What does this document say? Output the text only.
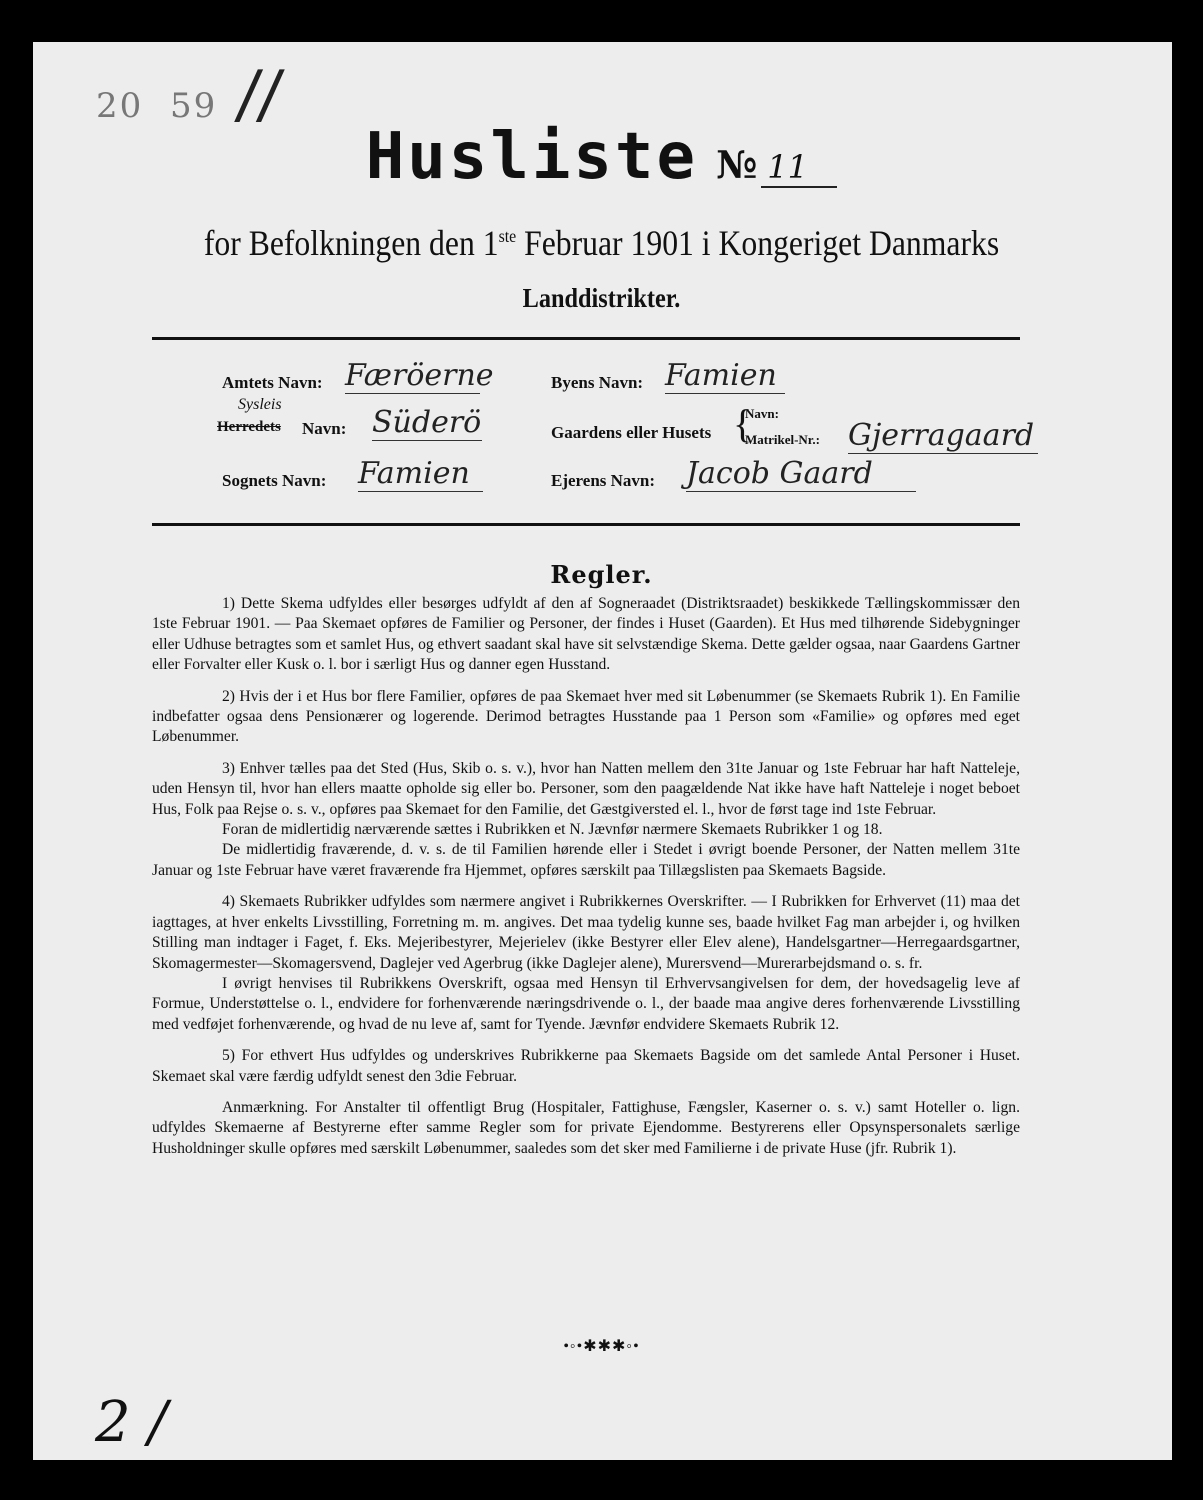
20 59 //
Husliste № 11
for Befolkningen den 1ste Februar 1901 i Kongeriget Danmarks
Landdistrikter.
Amtets Navn: Færöerne
Sysleis
Herredets Navn: Süderö
Sognets Navn: Famien
Byens Navn: Famien
Gaardens eller Husets {
Navn:
Matrikel-Nr.: Gjerragaard
Ejerens Navn: Jacob Gaard
Regler.

1) Dette Skema udfyldes eller besørges udfyldt af den af Sogneraadet (Distriktsraadet) beskikkede Tællingskommissær den 1ste Februar 1901. — Paa Skemaet opføres de Familier og Personer, der findes i Huset (Gaarden). Et Hus med tilhørende Sidebygninger eller Udhuse betragtes som et samlet Hus, og ethvert saadant skal have sit selvstændige Skema. Dette gælder ogsaa, naar Gaardens Gartner eller Forvalter eller Kusk o. l. bor i særligt Hus og danner egen Husstand.

2) Hvis der i et Hus bor flere Familier, opføres de paa Skemaet hver med sit Løbenummer (se Skemaets Rubrik 1). En Familie indbefatter ogsaa dens Pensionærer og logerende. Derimod betragtes Husstande paa 1 Person som «Familie» og opføres med eget Løbenummer.

3) Enhver tælles paa det Sted (Hus, Skib o. s. v.), hvor han Natten mellem den 31te Januar og 1ste Februar har haft Natteleje, uden Hensyn til, hvor han ellers maatte opholde sig eller bo. Personer, som den paagældende Nat ikke have haft Natteleje i noget beboet Hus, Folk paa Rejse o. s. v., opføres paa Skemaet for den Familie, det Gæstgiversted el. l., hvor de først tage ind 1ste Februar.

Foran de midlertidig nærværende sættes i Rubrikken et N. Jævnfør nærmere Skemaets Rubrikker 1 og 18.

De midlertidig fraværende, d. v. s. de til Familien hørende eller i Stedet i øvrigt boende Personer, der Natten mellem 31te Januar og 1ste Februar have været fraværende fra Hjemmet, opføres særskilt paa Tillægslisten paa Skemaets Bagside.

4) Skemaets Rubrikker udfyldes som nærmere angivet i Rubrikkernes Overskrifter. — I Rubrikken for Erhvervet (11) maa det iagttages, at hver enkelts Livsstilling, Forretning m. m. angives. Det maa tydelig kunne ses, baade hvilket Fag man arbejder i, og hvilken Stilling man indtager i Faget, f. Eks. Mejeribestyrer, Mejerielev (ikke Bestyrer eller Elev alene), Handelsgartner—Herregaardsgartner, Skomagermester—Skomagersvend, Daglejer ved Agerbrug (ikke Daglejer alene), Murersvend—Murerarbejdsmand o. s. fr.

I øvrigt henvises til Rubrikkens Overskrift, ogsaa med Hensyn til Erhvervsangivelsen for dem, der hovedsagelig leve af Formue, Understøttelse o. l., endvidere for forhenværende næringsdrivende o. l., der baade maa angive deres forhenværende Livsstilling med vedføjet forhenværende, og hvad de nu leve af, samt for Tyende. Jævnfør endvidere Skemaets Rubrik 12.

5) For ethvert Hus udfyldes og underskrives Rubrikkerne paa Skemaets Bagside om det samlede Antal Personer i Huset. Skemaet skal være færdig udfyldt senest den 3die Februar.

Anmærkning. For Anstalter til offentligt Brug (Hospitaler, Fattighuse, Fængsler, Kaserner o. s. v.) samt Hoteller o. lign. udfyldes Skemaerne af Bestyrerne efter samme Regler som for private Ejendomme. Bestyrerens eller Opsynspersonalets særlige Husholdninger skulle opføres med særskilt Løbenummer, saaledes som det sker med Familierne i de private Huse (jfr. Rubrik 1).

•◦•✱✱✱◦•
2 /
